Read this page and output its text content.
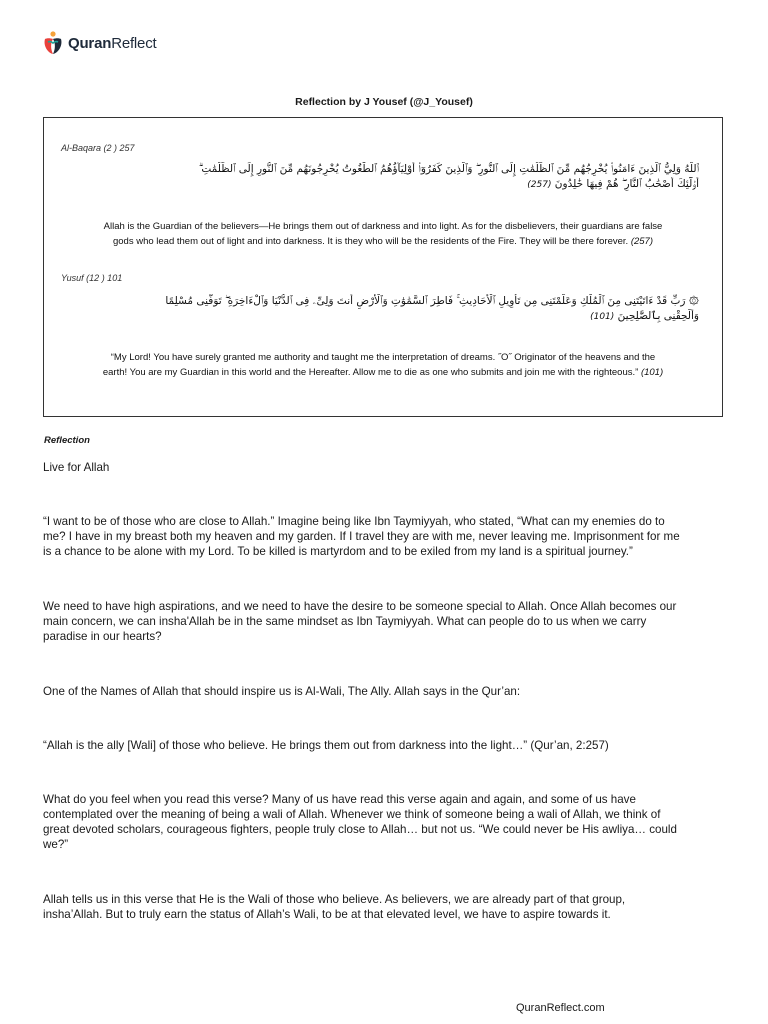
QuranReflect
Reflection by J Yousef (@J_Yousef)
Al-Baqara (2 ) 257
ٱللَّهُ وَلِيُّ ٱلَّذِينَ ءَامَنُوا۟ يُخْرِجُهُم مِّنَ ٱلظُّلُمَٰتِ إِلَى ٱلنُّورِ ۖ وَٱلَّذِينَ كَفَرُوٓا۟ أَوْلِيَآؤُهُمُ ٱلطَّٰغُوتُ يُخْرِجُونَهُم مِّنَ ٱلنُّورِ إِلَى ٱلظُّلُمَٰتِ ۗ
أُو۟لَٰٓئِكَ أَصْحَٰبُ ٱلنَّارِ ۖ هُمْ فِيهَا خَٰلِدُونَ (257)
Allah is the Guardian of the believers—He brings them out of darkness and into light. As for the disbelievers, their guardians are false
gods who lead them out of light and into darkness. It is they who will be the residents of the Fire. They will be there forever. (257)
Yusuf (12 ) 101
۞ رَبِّ قَدْ ءَاتَيْتَنِى مِنَ ٱلْمُلْكِ وَعَلَّمْتَنِى مِن تَأْوِيلِ ٱلْأَحَادِيثِ ۚ فَاطِرَ ٱلسَّمَٰوَٰتِ وَٱلْأَرْضِ أَنتَ وَلِىِّۦ فِى ٱلدُّنْيَا وَٱلْءَاخِرَةِ ۖ تَوَفَّنِى مُسْلِمًا
وَأَلْحِقْنِى بِٱلصَّٰلِحِينَ (101)
“My Lord! You have surely granted me authority and taught me the interpretation of dreams. ˝O˝ Originator of the heavens and the
earth! You are my Guardian in this world and the Hereafter. Allow me to die as one who submits and join me with the righteous.” (101)
Reflection
Live for Allah
“I want to be of those who are close to Allah.” Imagine being like Ibn Taymiyyah, who stated, “What can my enemies do to
me? I have in my breast both my heaven and my garden. If I travel they are with me, never leaving me. Imprisonment for me
is a chance to be alone with my Lord. To be killed is martyrdom and to be exiled from my land is a spiritual journey.”
We need to have high aspirations, and we need to have the desire to be someone special to Allah. Once Allah becomes our
main concern, we can insha'Allah be in the same mindset as Ibn Taymiyyah. What can people do to us when we carry
paradise in our hearts?
One of the Names of Allah that should inspire us is Al-Wali, The Ally. Allah says in the Qur’an:
“Allah is the ally [Wali] of those who believe. He brings them out from darkness into the light…” (Qur’an, 2:257)
What do you feel when you read this verse? Many of us have read this verse again and again, and some of us have
contemplated over the meaning of being a wali of Allah. Whenever we think of someone being a wali of Allah, we think of
great devoted scholars, courageous fighters, people truly close to Allah… but not us. “We could never be His awliya… could
we?”
Allah tells us in this verse that He is the Wali of those who believe. As believers, we are already part of that group,
insha’Allah. But to truly earn the status of Allah’s Wali, to be at that elevated level, we have to aspire towards it.
QuranReflect.com
